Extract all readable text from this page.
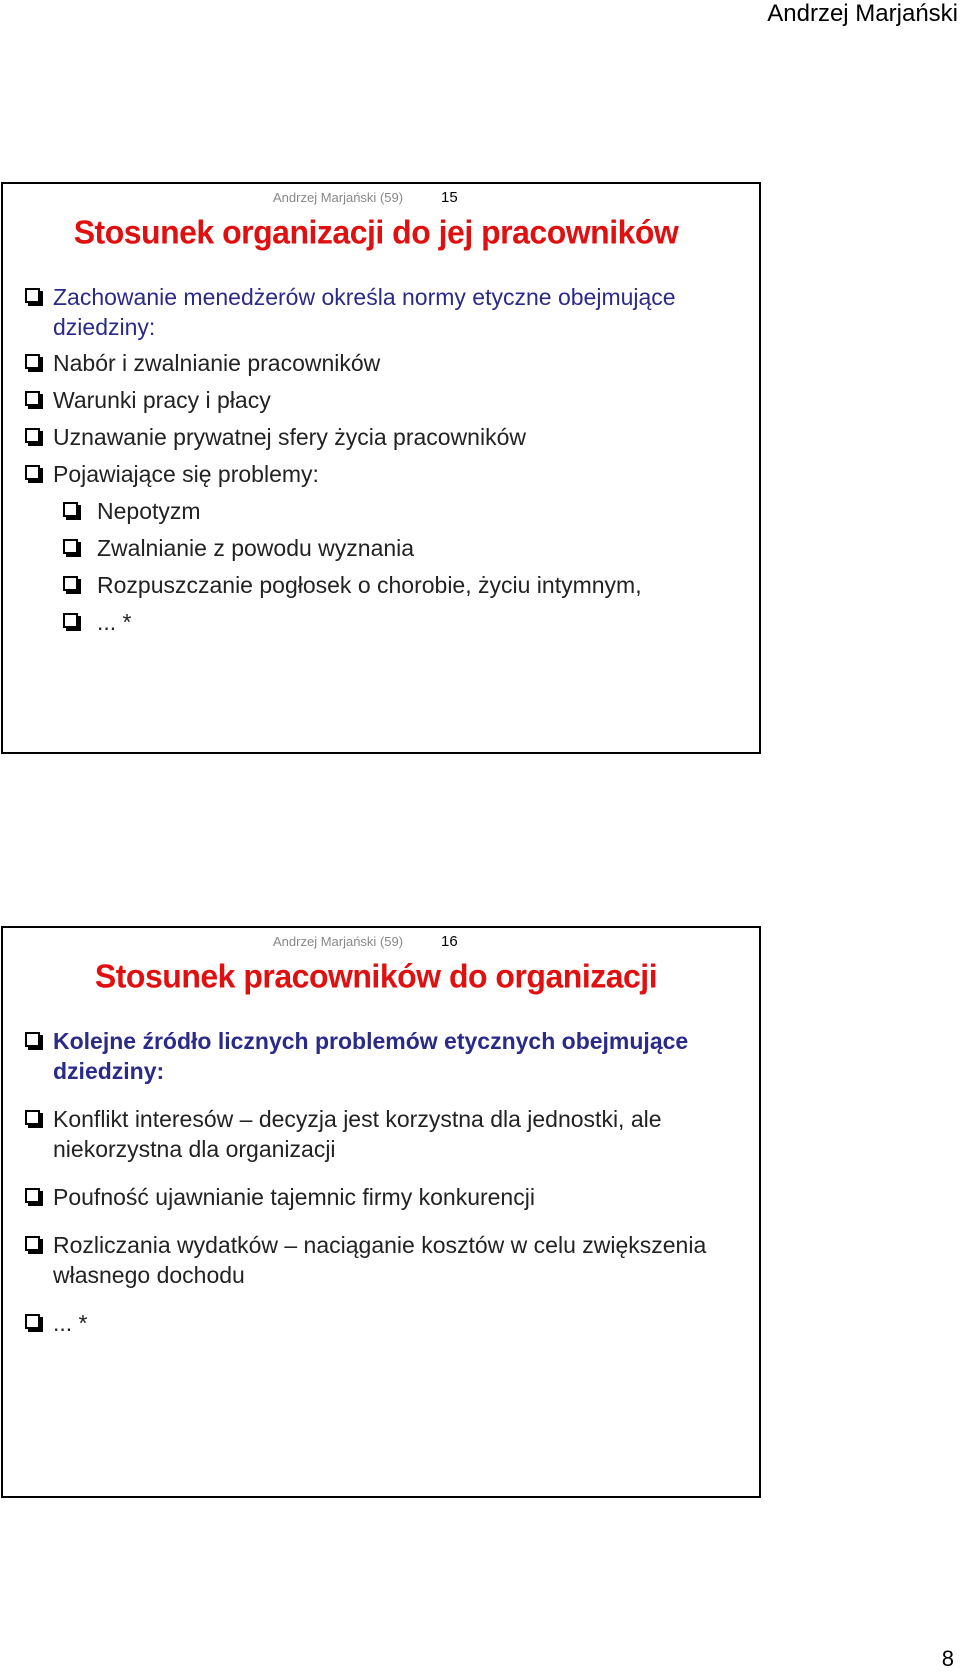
Andrzej Marjański
Andrzej Marjański (59)	15
Stosunek organizacji do jej pracowników
Zachowanie menedżerów określa normy etyczne obejmujące dziedziny:
Nabór i zwalnianie pracowników
Warunki pracy i płacy
Uznawanie prywatnej sfery życia pracowników
Pojawiające się problemy:
Nepotyzm
Zwalnianie z powodu wyznania
Rozpuszczanie pogłosek o chorobie, życiu intymnym,
... *
Andrzej Marjański (59)	16
Stosunek pracowników do organizacji
Kolejne źródło licznych problemów etycznych obejmujące dziedziny:
Konflikt interesów – decyzja jest korzystna dla jednostki, ale niekorzystna dla organizacji
Poufność ujawnianie tajemnic firmy konkurencji
Rozliczania wydatków – naciąganie kosztów w celu zwiększenia własnego dochodu
... *
8
